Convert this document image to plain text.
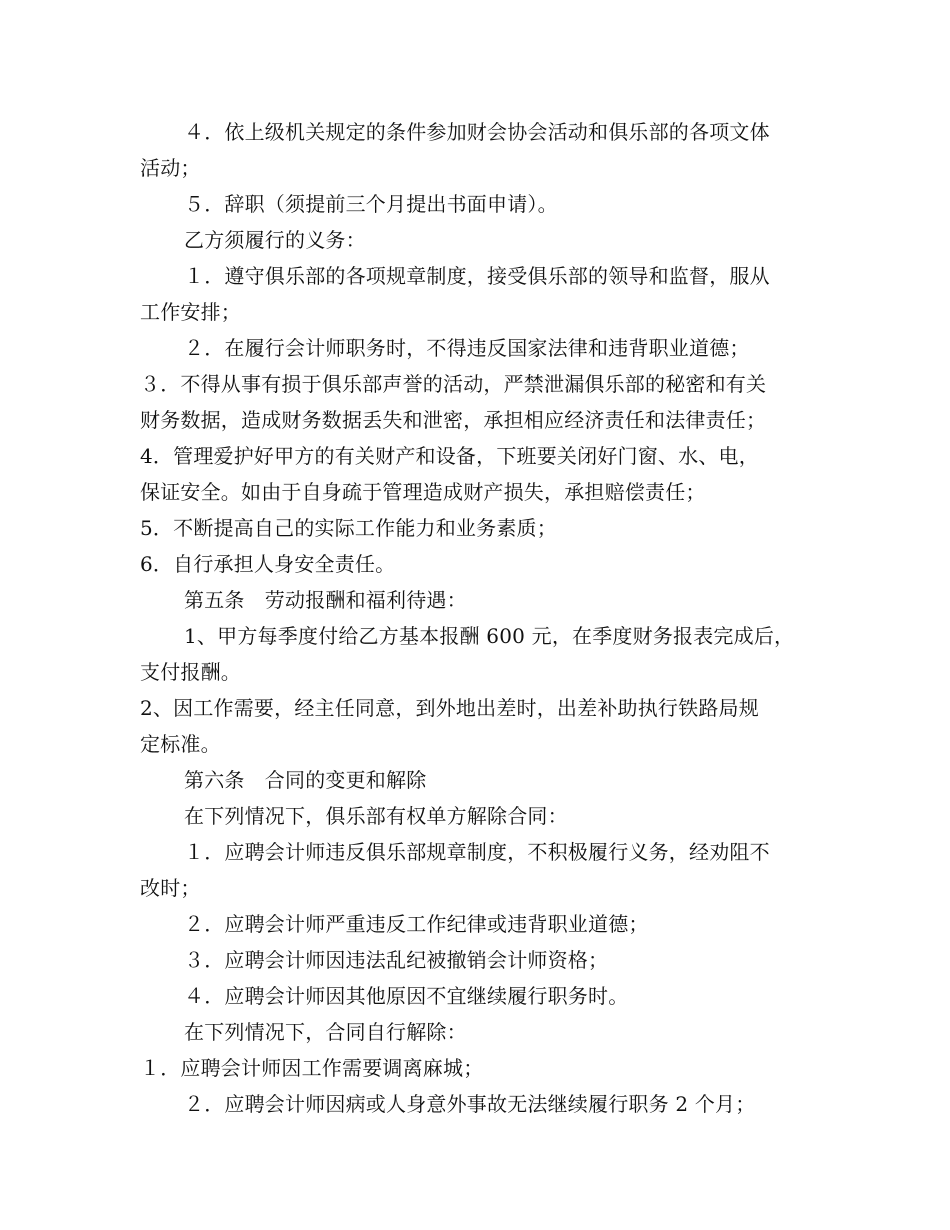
４．依上级机关规定的条件参加财会协会活动和俱乐部的各项文体
活动；
５．辞职（须提前三个月提出书面申请）。
乙方须履行的义务：
１．遵守俱乐部的各项规章制度，接受俱乐部的领导和监督，服从
工作安排；
２．在履行会计师职务时，不得违反国家法律和违背职业道德；
３．不得从事有损于俱乐部声誉的活动，严禁泄漏俱乐部的秘密和有关
财务数据，造成财务数据丢失和泄密，承担相应经济责任和法律责任；
4．管理爱护好甲方的有关财产和设备，下班要关闭好门窗、水、电，
保证安全。如由于自身疏于管理造成财产损失，承担赔偿责任；
5．不断提高自己的实际工作能力和业务素质；
6．自行承担人身安全责任。
第五条　劳动报酬和福利待遇：
1、甲方每季度付给乙方基本报酬 600 元，在季度财务报表完成后，
支付报酬。
2、因工作需要，经主任同意，到外地出差时，出差补助执行铁路局规
定标准。
第六条　合同的变更和解除
在下列情况下，俱乐部有权单方解除合同：
１．应聘会计师违反俱乐部规章制度，不积极履行义务，经劝阻不
改时；
２．应聘会计师严重违反工作纪律或违背职业道德；
３．应聘会计师因违法乱纪被撤销会计师资格；
４．应聘会计师因其他原因不宜继续履行职务时。
在下列情况下，合同自行解除：
１．应聘会计师因工作需要调离麻城；
２．应聘会计师因病或人身意外事故无法继续履行职务 2 个月；
